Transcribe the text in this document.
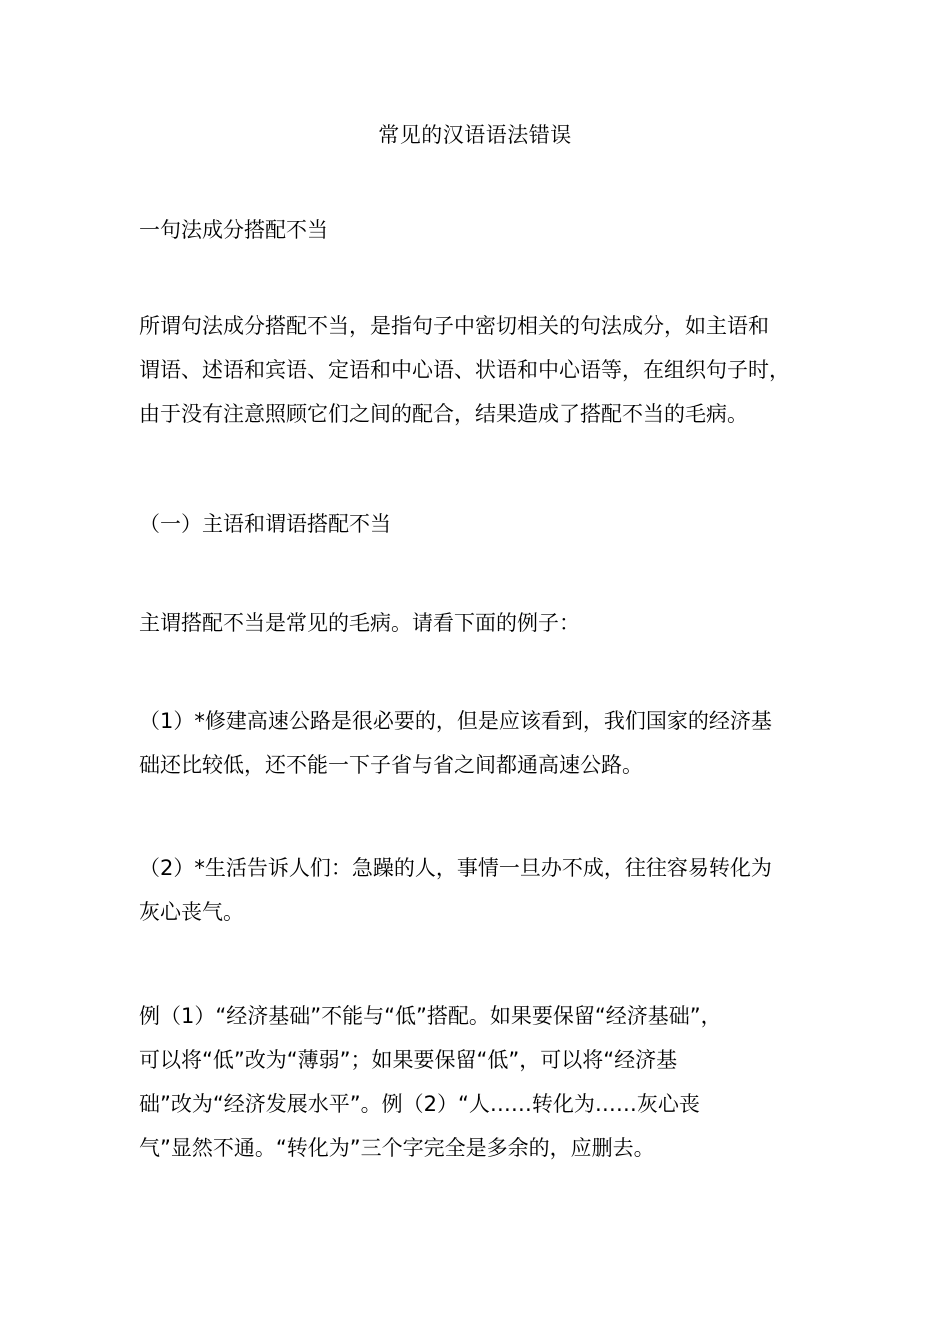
常见的汉语语法错误
一句法成分搭配不当
所谓句法成分搭配不当，是指句子中密切相关的句法成分，如主语和
谓语、述语和宾语、定语和中心语、状语和中心语等，在组织句子时，
由于没有注意照顾它们之间的配合，结果造成了搭配不当的毛病。
（一）主语和谓语搭配不当
主谓搭配不当是常见的毛病。请看下面的例子：
（1）*修建高速公路是很必要的，但是应该看到，我们国家的经济基
础还比较低，还不能一下子省与省之间都通高速公路。
（2）*生活告诉人们：急躁的人，事情一旦办不成，往往容易转化为
灰心丧气。
例（1）“经济基础”不能与“低”搭配。如果要保留“经济基础”，
可以将“低”改为“薄弱”；如果要保留“低”，可以将“经济基
础”改为“经济发展水平”。例（2）“人……转化为……灰心丧
气”显然不通。“转化为”三个字完全是多余的，应删去。
